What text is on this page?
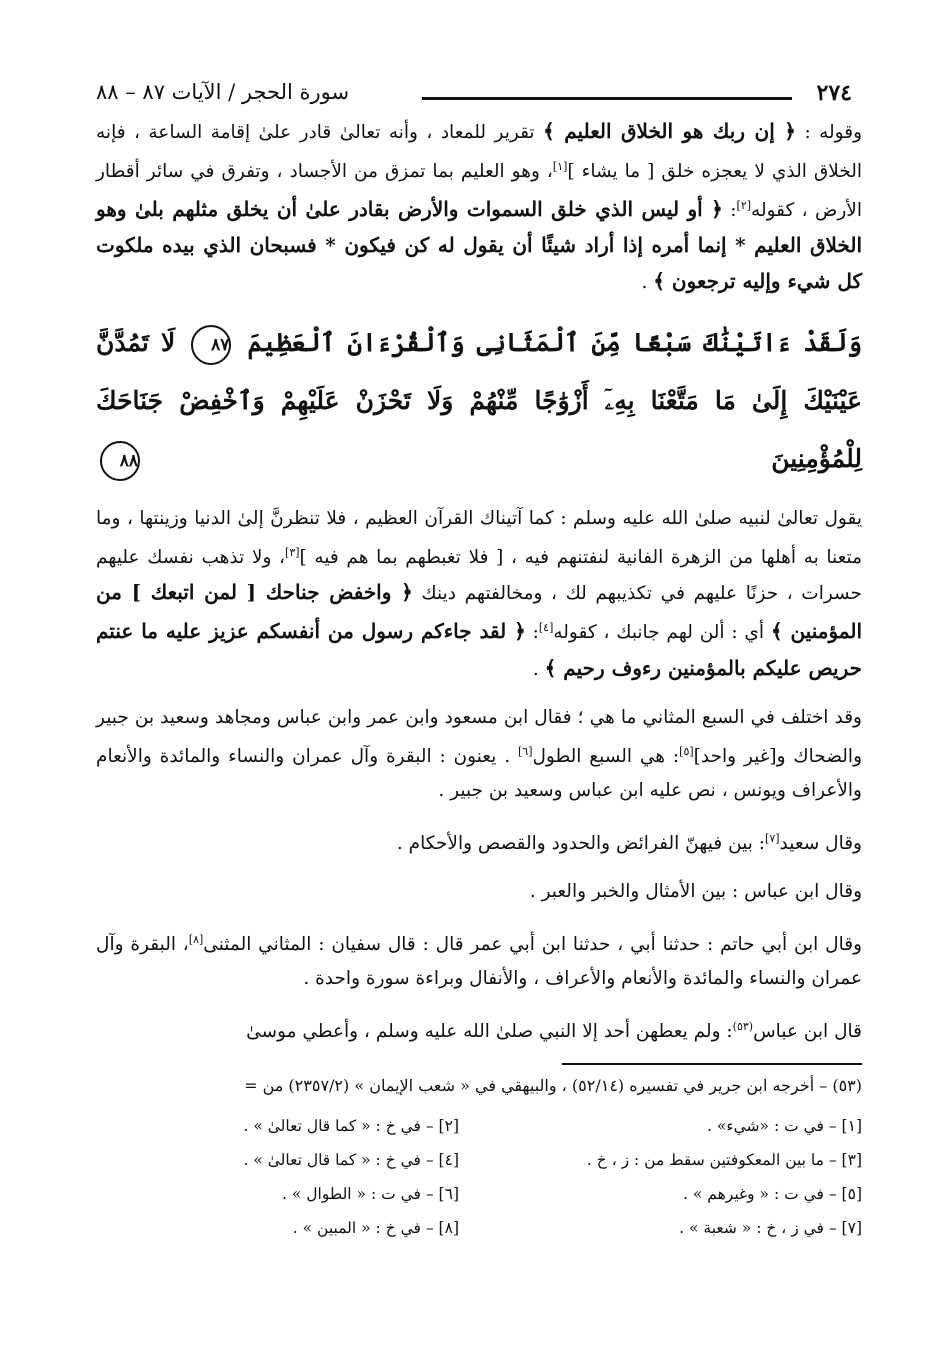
٢٧٤
سورة الحجر / الآيات ٨٧ – ٨٨

وقوله : ﴿ إن ربك هو الخلاق العليم ﴾ تقرير للمعاد ، وأنه تعالىٰ قادر علىٰ إقامة الساعة ، فإنه الخلاق الذي لا يعجزه خلق [ ما يشاء ][١]، وهو العليم بما تمزق من الأجساد ، وتفرق في سائر أقطار الأرض ، كقوله[٢]: ﴿ أو ليس الذي خلق السموات والأرض بقادر علىٰ أن يخلق مثلهم بلىٰ وهو الخلاق العليم * إنما أمره إذا أراد شيئًا أن يقول له كن فيكون * فسبحان الذي بيده ملكوت كل شيء وإليه ترجعون ﴾ .

وَلَقَدْ ءَاتَيْنَٰكَ سَبْعًا مِّنَ ٱلْمَثَانِى وَٱلْقُرْءَانَ ٱلْعَظِيمَ ٨٧ لَا تَمُدَّنَّ عَيْنَيْكَ إِلَىٰ مَا مَتَّعْنَا بِهِۦٓ أَزْوَٰجًا مِّنْهُمْ وَلَا تَحْزَنْ عَلَيْهِمْ وَٱخْفِضْ جَنَاحَكَ لِلْمُؤْمِنِينَ ٨٨

يقول تعالىٰ لنبيه صلىٰ الله عليه وسلم : كما آتيناك القرآن العظيم ، فلا تنظرنَّ إلىٰ الدنيا وزينتها ، وما متعنا به أهلها من الزهرة الفانية لنفتنهم فيه ، [ فلا تغبطهم بما هم فيه ][٣]، ولا تذهب نفسك عليهم حسرات ، حزنًا عليهم في تكذيبهم لك ، ومخالفتهم دينك ﴿ واخفض جناحك [ لمن اتبعك ] من المؤمنين ﴾ أي : ألن لهم جانبك ، كقوله[٤]: ﴿ لقد جاءكم رسول من أنفسكم عزيز عليه ما عنتم حريص عليكم بالمؤمنين رءوف رحيم ﴾ .

وقد اختلف في السبع المثاني ما هي ؛ فقال ابن مسعود وابن عمر وابن عباس ومجاهد وسعيد بن جبير والضحاك و[غير واحد][٥]: هي السبع الطول[٦] . يعنون : البقرة وآل عمران والنساء والمائدة والأنعام والأعراف ويونس ، نص عليه ابن عباس وسعيد بن جبير .

وقال سعيد[٧]: بين فيهنّ الفرائض والحدود والقصص والأحكام .

وقال ابن عباس : بين الأمثال والخبر والعبر .

وقال ابن أبي حاتم : حدثنا أبي ، حدثنا ابن أبي عمر قال : قال سفيان : المثاني المثنى[٨]، البقرة وآل عمران والنساء والمائدة والأنعام والأعراف ، والأنفال وبراءة سورة واحدة .

قال ابن عباس$^{(٥٣)}$: ولم يعطهن أحد إلا النبي صلىٰ الله عليه وسلم ، وأعطي موسىٰ

(٥٣) – أخرجه ابن جرير في تفسيره (٥٢/١٤) ، والبيهقي في « شعب الإيمان » (٢٣٥٧/٢) من =

[١] – في ت : «شيء» .
[٢] – في خ : « كما قال تعالىٰ » .
[٣] – ما بين المعكوفتين سقط من : ز ، خ .
[٤] – في خ : « كما قال تعالىٰ » .
[٥] – في ت : « وغيرهم » .
[٦] – في ت : « الطوال » .
[٧] – في ز ، خ : « شعبة » .
[٨] – في خ : « المبين » .
